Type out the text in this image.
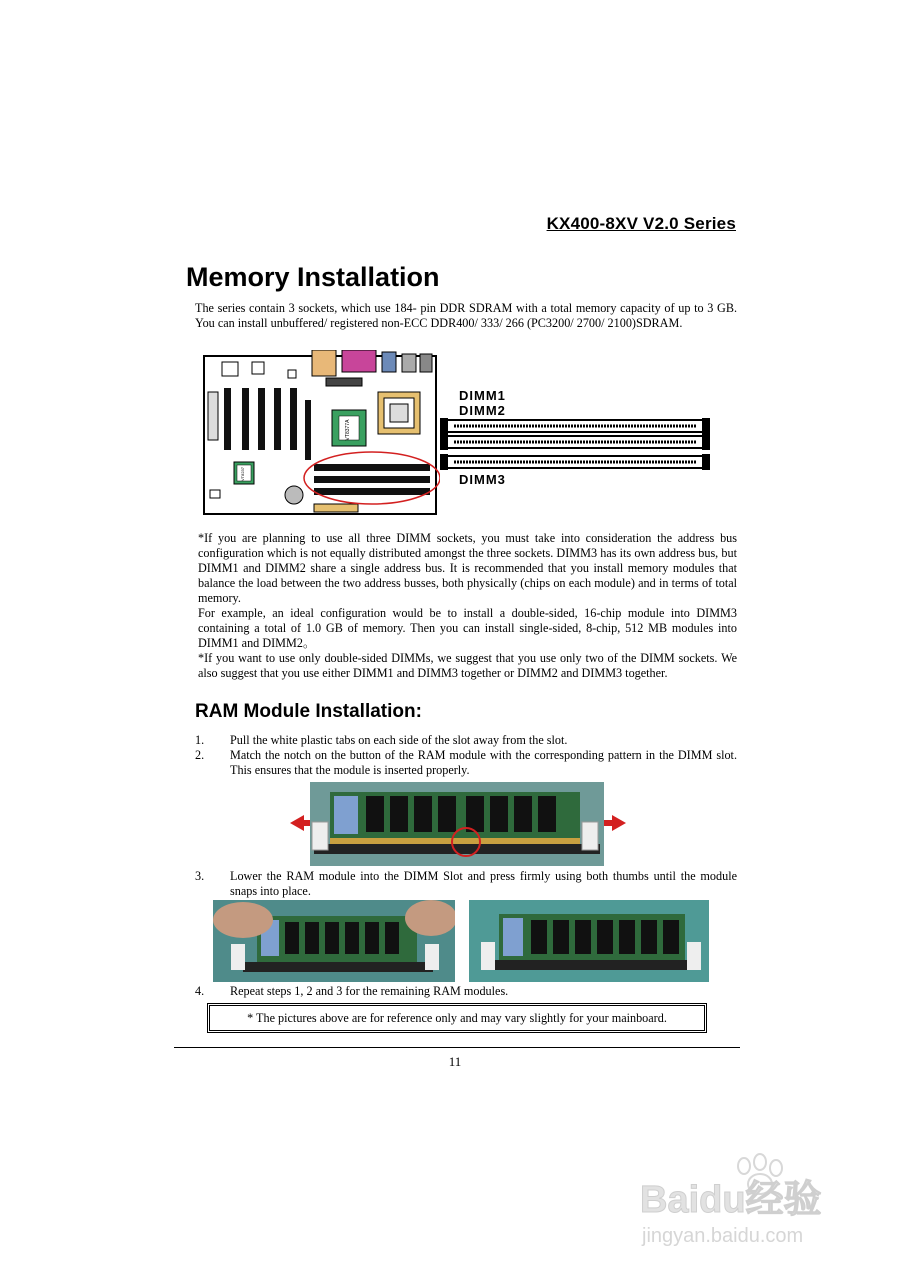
KX400-8XV V2.0 Series
Memory Installation
The series contain 3 sockets, which use 184- pin DDR SDRAM with a total memory capacity of up to 3 GB. You can install unbuffered/ registered non-ECC DDR400/ 333/ 266 (PC3200/ 2700/ 2100)SDRAM.
VT8377A
VT8237
DIMM1
DIMM2
DIMM3

*If you are planning to use all three DIMM sockets, you must take into consideration the address bus configuration which is not equally distributed amongst the three sockets. DIMM3 has its own address bus, but DIMM1 and DIMM2 share a single address bus. It is recommended that you install memory modules that balance the load between the two address busses, both physically (chips on each module) and in terms of total memory.

For example, an ideal configuration would be to install a double-sided, 16-chip module into DIMM3 containing a total of 1.0 GB of memory. Then you can install single-sided, 8-chip, 512 MB modules into DIMM1 and DIMM2。

*If you want to use only double-sided DIMMs, we suggest that you use only two of the DIMM sockets. We also suggest that you use either DIMM1 and DIMM3 together or DIMM2 and DIMM3 together.

RAM Module Installation:
1. Pull the white plastic tabs on each side of the slot away from the slot.
2. Match the notch on the button of the RAM module with the corresponding pattern in the DIMM slot. This ensures that the module is inserted properly.
3. Lower the RAM module into the DIMM Slot and press firmly using both thumbs until the module snaps into place.
4. Repeat steps 1, 2 and 3 for the remaining RAM modules.
* The pictures above are for reference only and may vary slightly for your mainboard.
11
Baidu经验
jingyan.baidu.com
